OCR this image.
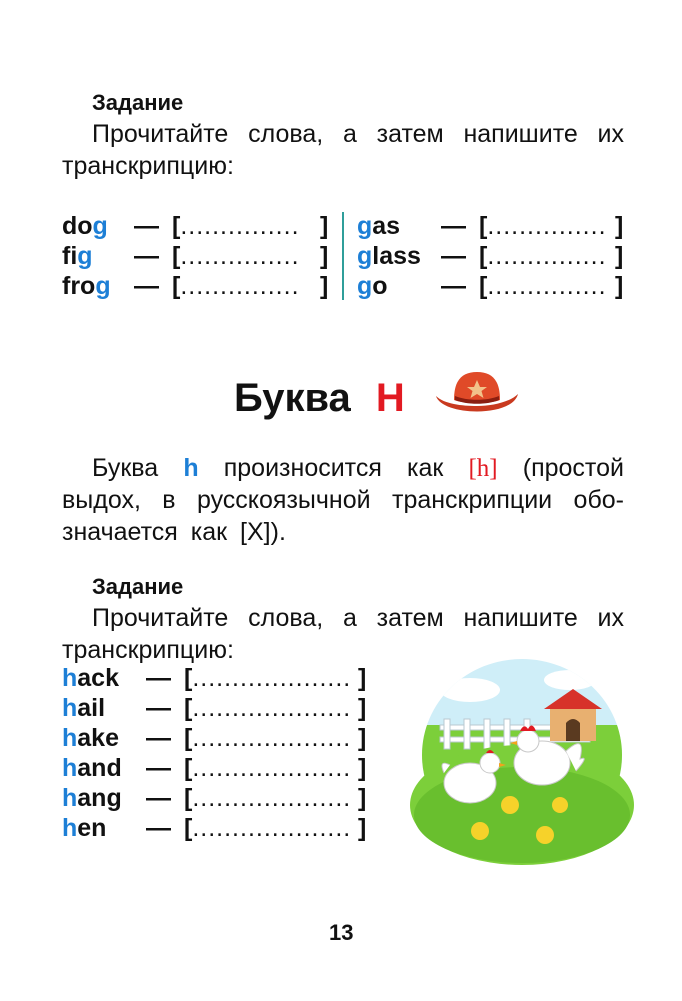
Задание
Прочитайте слова, а затем напишите их
транскрипцию:
dog — [............... ]
fig — [............... ]
frog — [............... ]
gas — [............... ]
glass — [............... ]
go — [............... ]
Буква H
Буква h произносится как [h] (простой
выдох, в русскоязычной транскрипции обо-
значается как [Х]).
Задание
Прочитайте слова, а затем напишите их
транскрипцию:
hack — [.................... ]
hail — [.................... ]
hake — [.................... ]
hand — [.................... ]
hang — [.................... ]
hen — [.................... ]
13
